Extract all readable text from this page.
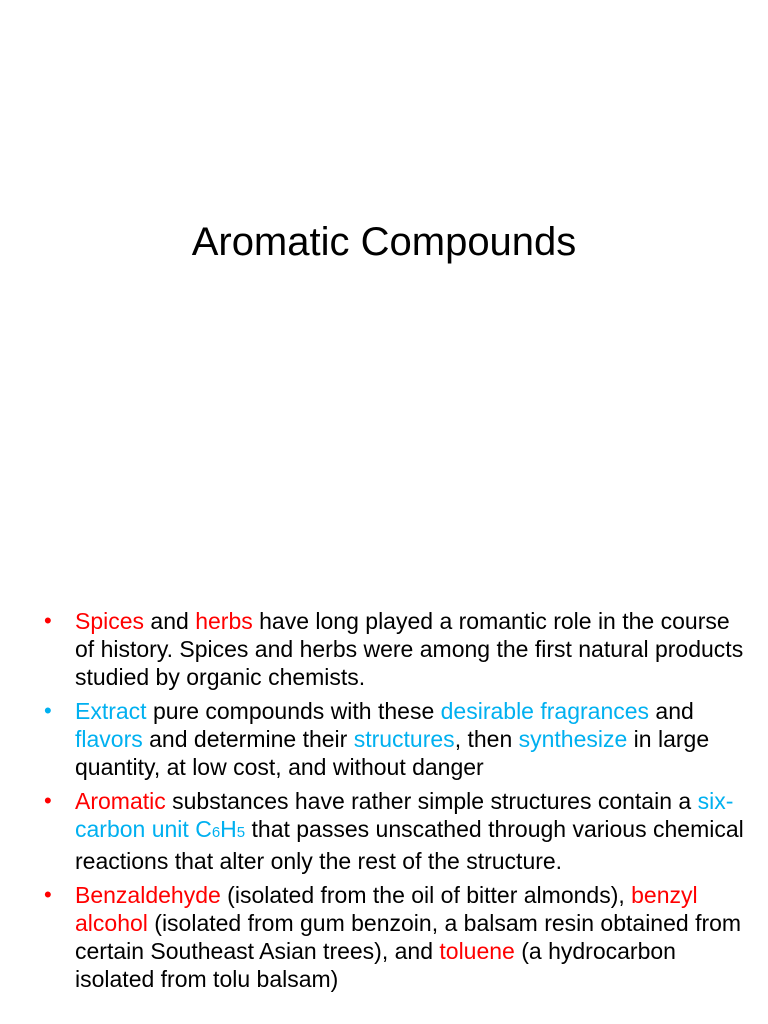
Aromatic Compounds
• Spices and herbs have long played a romantic role in the course of history. Spices and herbs were among the first natural products studied by organic chemists.
• Extract pure compounds with these desirable fragrances and flavors and determine their structures, then synthesize in large quantity, at low cost, and without danger
• Aromatic substances have rather simple structures contain a six-carbon unit C6H5 that passes unscathed through various chemical reactions that alter only the rest of the structure.
• Benzaldehyde (isolated from the oil of bitter almonds), benzyl alcohol (isolated from gum benzoin, a balsam resin obtained from certain Southeast Asian trees), and toluene (a hydrocarbon isolated from tolu balsam)
